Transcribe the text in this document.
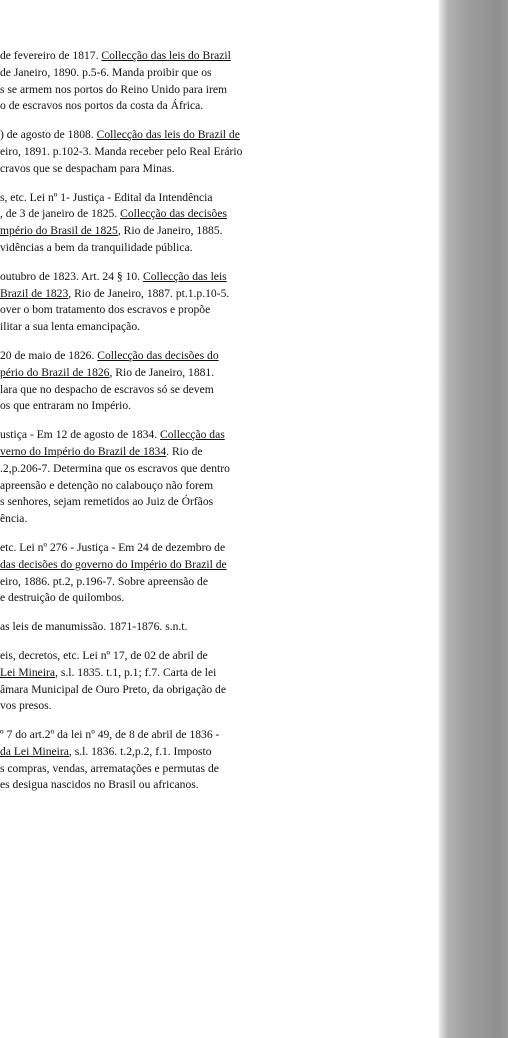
de fevereiro de 1817. Collecção das leis do Brazil
de Janeiro, 1890. p.5-6. Manda proibir que os
s se armem nos portos do Reino Unido para irem
o de escravos nos portos da costa da África.
) de agosto de 1808. Collecção das leis do Brazil de
eiro, 1891. p.102-3. Manda receber pelo Real Erário
cravos que se despacham para Minas.
s, etc. Lei nº 1- Justiça - Edital da Intendência
, de 3 de janeiro de 1825. Collecção das decisões
mpério do Brasil de 1825, Rio de Janeiro, 1885.
vidências a bem da tranquilidade pública.
outubro de 1823. Art. 24 § 10. Collecção das leis
Brazil de 1823, Rio de Janeiro, 1887. pt.1.p.10-5.
over o bom tratamento dos escravos e propõe
ilitar a sua lenta emancipação.
20 de maio de 1826. Collecção das decisões do
pério do Brazil de 1826, Rio de Janeiro, 1881.
lara que no despacho de escravos só se devem
os que entraram no Império.
ustiça - Em 12 de agosto de 1834. Collecção das
verno do Império do Brazil de 1834. Rio de
.2,p.206-7. Determina que os escravos que dentro
apreensão e detenção no calabouço não forem
s senhores, sejam remetidos ao Juiz de Órfãos
ência.
etc. Lei nº 276 - Justiça - Em 24 de dezembro de
das decisões do governo do Império do Brazil de
eiro, 1886. pt.2, p.196-7. Sobre apreensão de
e destruição de quilombos.
as leis de manumissão. 1871-1876. s.n.t.
eis, decretos, etc. Lei nº 17, de 02 de abril de
Lei Mineira, s.l. 1835. t.1, p.1; f.7. Carta de lei
âmara Municipal de Ouro Preto, da obrigação de
vos presos.
º 7 do art.2º da lei nº 49, de 8 de abril de 1836 -
da Lei Mineira, s.l. 1836. t.2,p.2, f.1. Imposto
s compras, vendas, arrematações e permutas de
es desigua nascidos no Brasil ou africanos.
